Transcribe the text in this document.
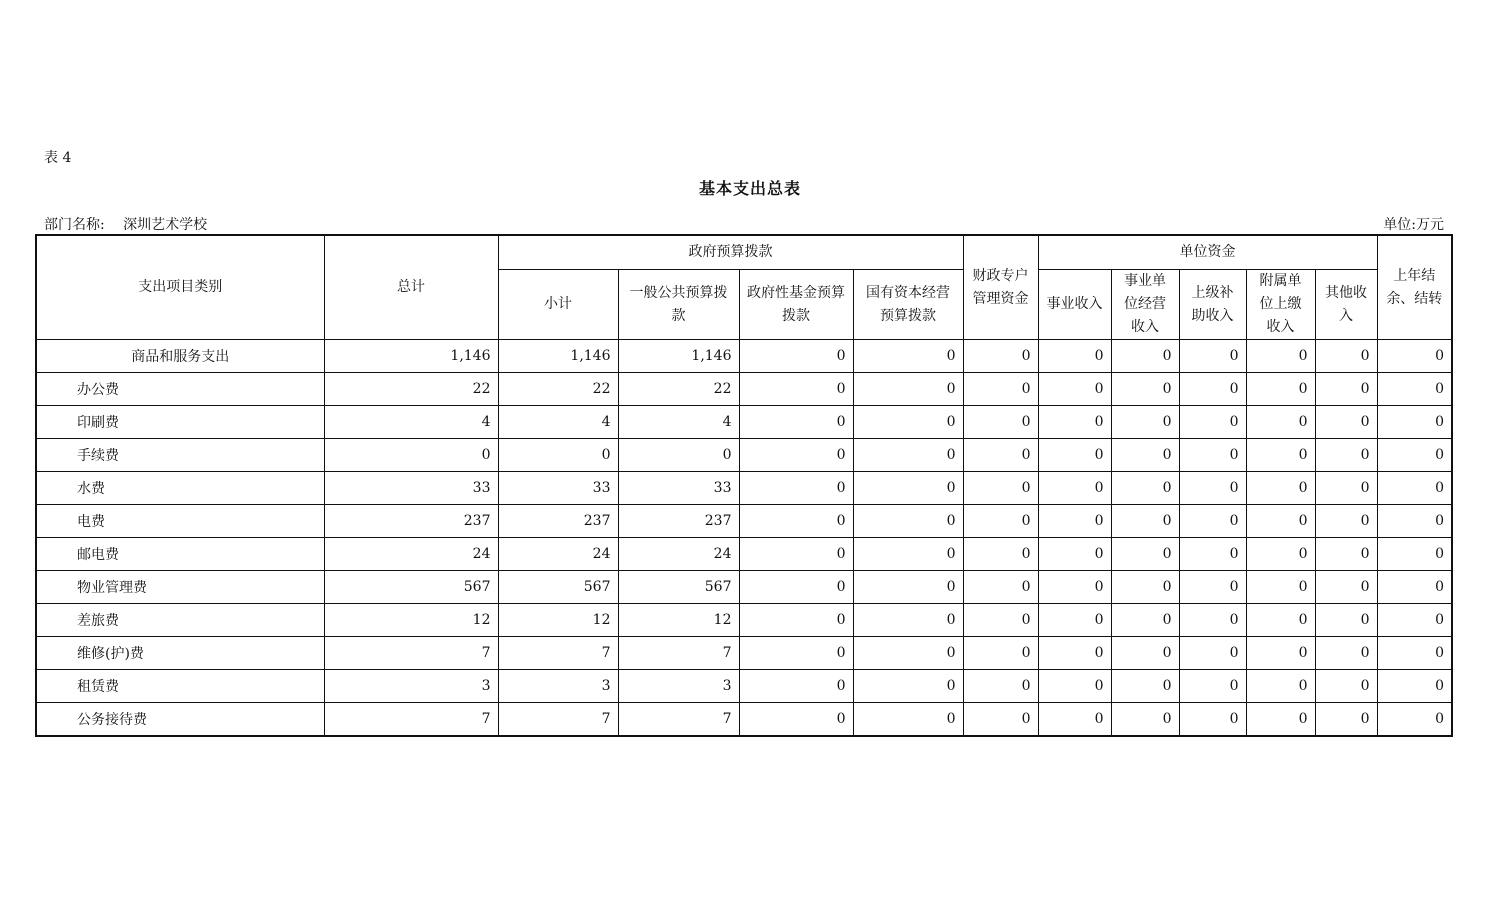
表 4
基本支出总表
部门名称: 深圳艺术学校	单位:万元
支出项目类别	总计	政府预算拨款				财政专户管理资金	单位资金					上年结余、结转
		小计	一般公共预算拨款	政府性基金预算拨款	国有资本经营预算拨款		事业收入	事业单位经营收入	上级补助收入	附属单位上缴收入	其他收入	
商品和服务支出	1,146	1,146	1,146	0	0	0	0	0	0	0	0	0
办公费	22	22	22	0	0	0	0	0	0	0	0	0
印刷费	4	4	4	0	0	0	0	0	0	0	0	0
手续费	0	0	0	0	0	0	0	0	0	0	0	0
水费	33	33	33	0	0	0	0	0	0	0	0	0
电费	237	237	237	0	0	0	0	0	0	0	0	0
邮电费	24	24	24	0	0	0	0	0	0	0	0	0
物业管理费	567	567	567	0	0	0	0	0	0	0	0	0
差旅费	12	12	12	0	0	0	0	0	0	0	0	0
维修(护)费	7	7	7	0	0	0	0	0	0	0	0	0
租赁费	3	3	3	0	0	0	0	0	0	0	0	0
公务接待费	7	7	7	0	0	0	0	0	0	0	0	0
